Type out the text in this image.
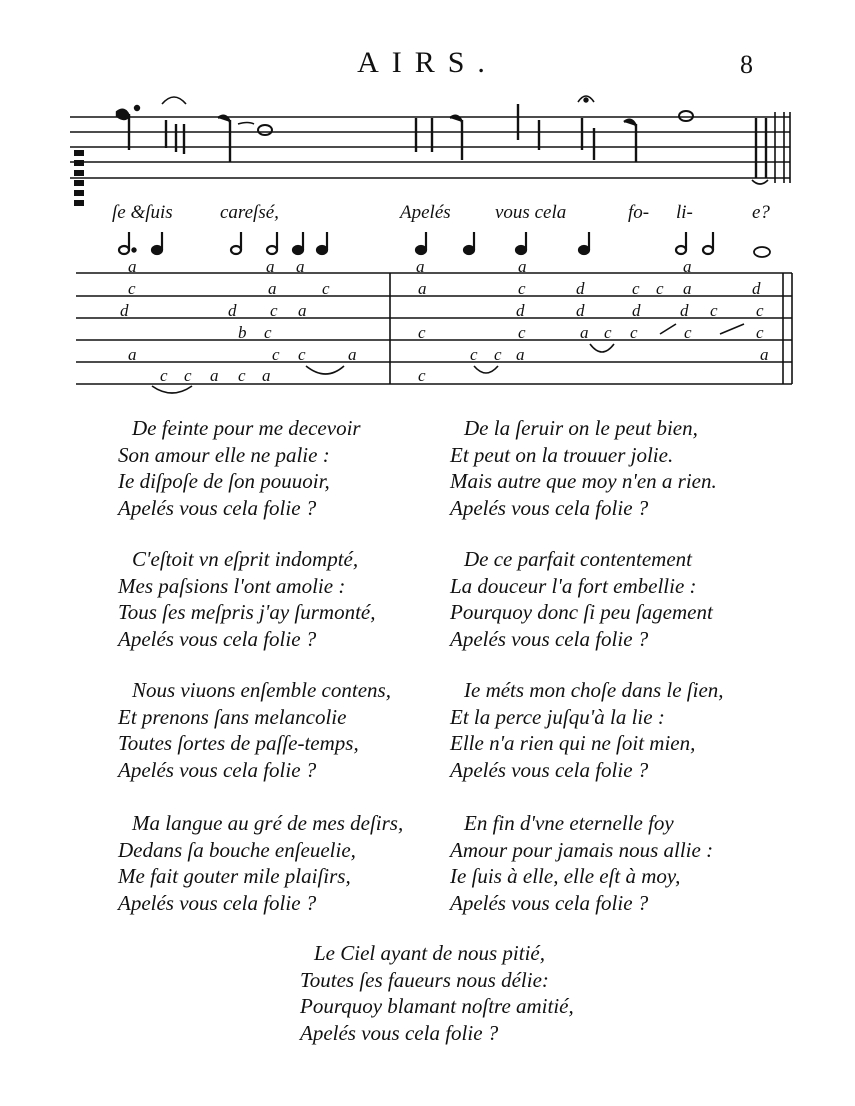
AIRS.	8
ſe &ſuis careſsé,	Apelés vous cela	fo- li-	e?
a	a a	a	a	a
c	a	c	a	c	d	c c a	d
d	d c a	d	d	d d c c
b c	c	c	a c c	c	c
a	c c a	c c a	a
c c a c a	c
De feinte pour me decevoir
Son amour elle ne palie :
Ie diſpoſe de ſon pouuoir,
Apelés vous cela folie ?
De la ſeruir on le peut bien,
Et peut on la trouuer jolie.
Mais autre que moy n'en a rien.
Apelés vous cela folie ?
C'eſtoit vn eſprit indompté,
Mes paſsions l'ont amolie :
Tous ſes meſpris j'ay ſurmonté,
Apelés vous cela folie ?
De ce parfait contentement
La douceur l'a fort embellie :
Pourquoy donc ſi peu ſagement
Apelés vous cela folie ?
Nous viuons enſemble contens,
Et prenons ſans melancolie
Toutes ſortes de paſſe-temps,
Apelés vous cela folie ?
Ie méts mon choſe dans le ſien,
Et la perce juſqu'à la lie :
Elle n'a rien qui ne ſoit mien,
Apelés vous cela folie ?
Ma langue au gré de mes deſirs,
Dedans ſa bouche enſeuelie,
Me fait gouter mile plaiſirs,
Apelés vous cela folie ?
En fin d'vne eternelle foy
Amour pour jamais nous allie :
Ie ſuis à elle, elle eſt à moy,
Apelés vous cela folie ?
Le Ciel ayant de nous pitié,
Toutes ſes faueurs nous délie:
Pourquoy blamant noſtre amitié,
Apelés vous cela folie ?
